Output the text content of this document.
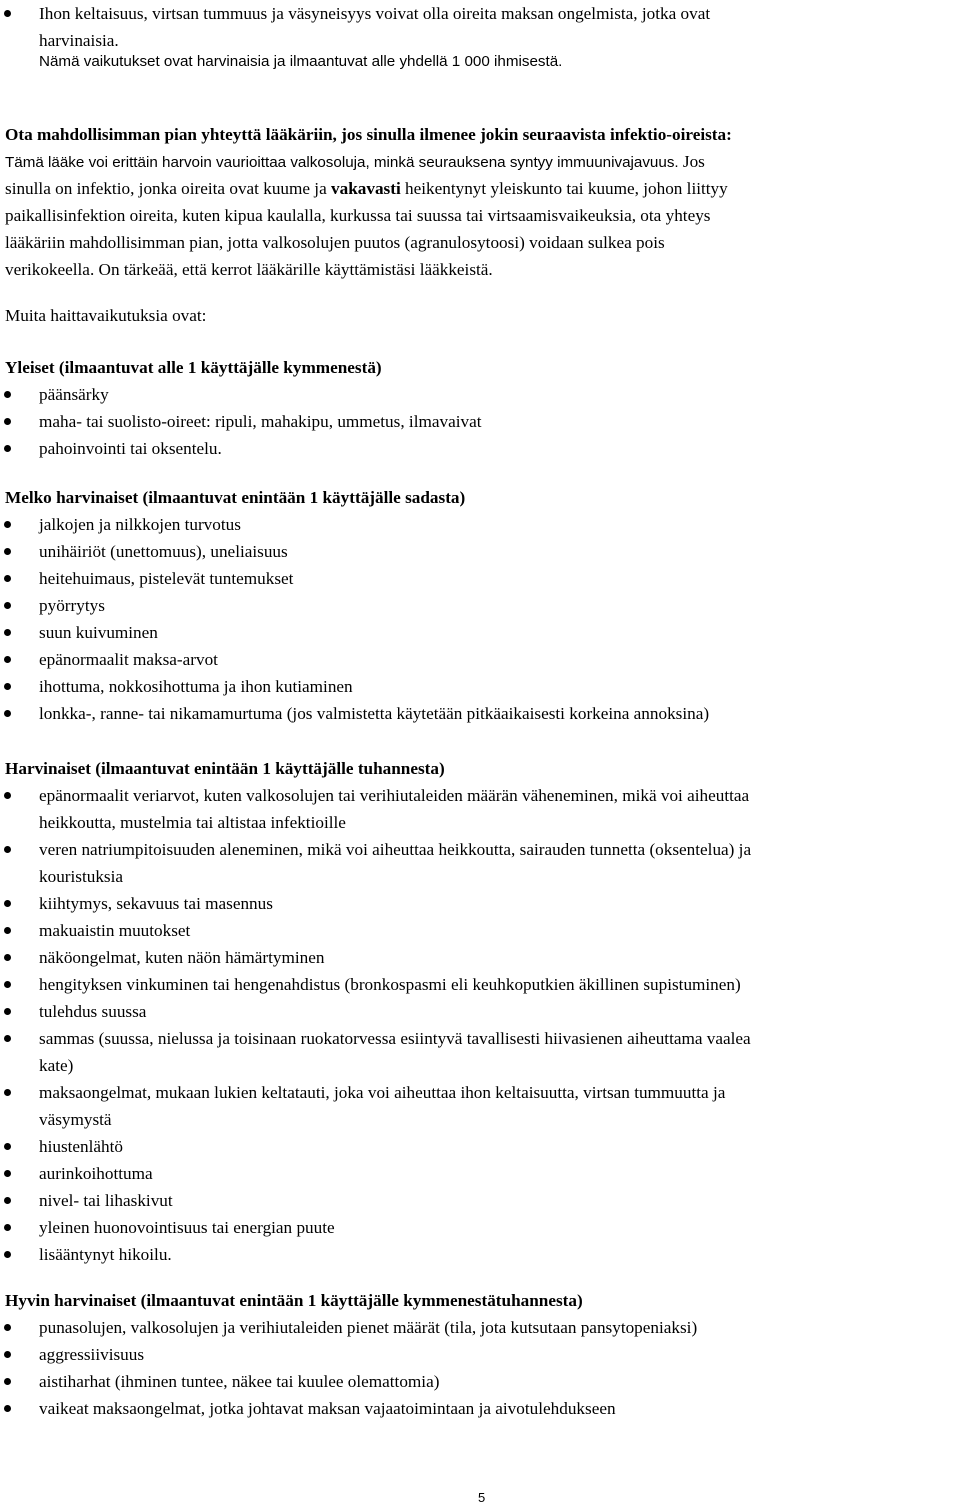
Ihon keltaisuus, virtsan tummuus ja väsyneisyys voivat olla oireita maksan ongelmista, jotka ovat
harvinaisia.
Nämä vaikutukset ovat harvinaisia ja ilmaantuvat alle yhdellä 1 000 ihmisestä.
Ota mahdollisimman pian yhteyttä lääkäriin, jos sinulla ilmenee jokin seuraavista infektio-oireista:
Tämä lääke voi erittäin harvoin vaurioittaa valkosoluja, minkä seurauksena syntyy immuunivajavuus. Jos
sinulla on infektio, jonka oireita ovat kuume ja vakavasti heikentynyt yleiskunto tai kuume, johon liittyy
paikallisinfektion oireita, kuten kipua kaulalla, kurkussa tai suussa tai virtsaamisvaikeuksia, ota yhteys
lääkäriin mahdollisimman pian, jotta valkosolujen puutos (agranulosytoosi) voidaan sulkea pois
verikokeella. On tärkeää, että kerrot lääkärille käyttämistäsi lääkkeistä.
Muita haittavaikutuksia ovat:
Yleiset (ilmaantuvat alle 1 käyttäjälle kymmenestä)
päänsärky
maha- tai suolisto-oireet: ripuli, mahakipu, ummetus, ilmavaivat
pahoinvointi tai oksentelu.
Melko harvinaiset (ilmaantuvat enintään 1 käyttäjälle sadasta)
jalkojen ja nilkkojen turvotus
unihäiriöt (unettomuus), uneliaisuus
heitehuimaus, pistelevät tuntemukset
pyörrytys
suun kuivuminen
epänormaalit maksa-arvot
ihottuma, nokkosihottuma ja ihon kutiaminen
lonkka-, ranne- tai nikamamurtuma (jos valmistetta käytetään pitkäaikaisesti korkeina annoksina)
Harvinaiset (ilmaantuvat enintään 1 käyttäjälle tuhannesta)
epänormaalit veriarvot, kuten valkosolujen tai verihiutaleiden määrän väheneminen, mikä voi aiheuttaa
heikkoutta, mustelmia tai altistaa infektioille
veren natriumpitoisuuden aleneminen, mikä voi aiheuttaa heikkoutta, sairauden tunnetta (oksentelua) ja
kouristuksia
kiihtymys, sekavuus tai masennus
makuaistin muutokset
näköongelmat, kuten näön hämärtyminen
hengityksen vinkuminen tai hengenahdistus (bronkospasmi eli keuhkoputkien äkillinen supistuminen)
tulehdus suussa
sammas (suussa, nielussa ja toisinaan ruokatorvessa esiintyvä tavallisesti hiivasienen aiheuttama vaalea
kate)
maksaongelmat, mukaan lukien keltatauti, joka voi aiheuttaa ihon keltaisuutta, virtsan tummuutta ja
väsymystä
hiustenlähtö
aurinkoihottuma
nivel- tai lihaskivut
yleinen huonovointisuus tai energian puute
lisääntynyt hikoilu.
Hyvin harvinaiset (ilmaantuvat enintään 1 käyttäjälle kymmenestätuhannesta)
punasolujen, valkosolujen ja verihiutaleiden pienet määrät (tila, jota kutsutaan pansytopeniaksi)
aggressiivisuus
aistiharhat (ihminen tuntee, näkee tai kuulee olemattomia)
vaikeat maksaongelmat, jotka johtavat maksan vajaatoimintaan ja aivotulehdukseen
5
